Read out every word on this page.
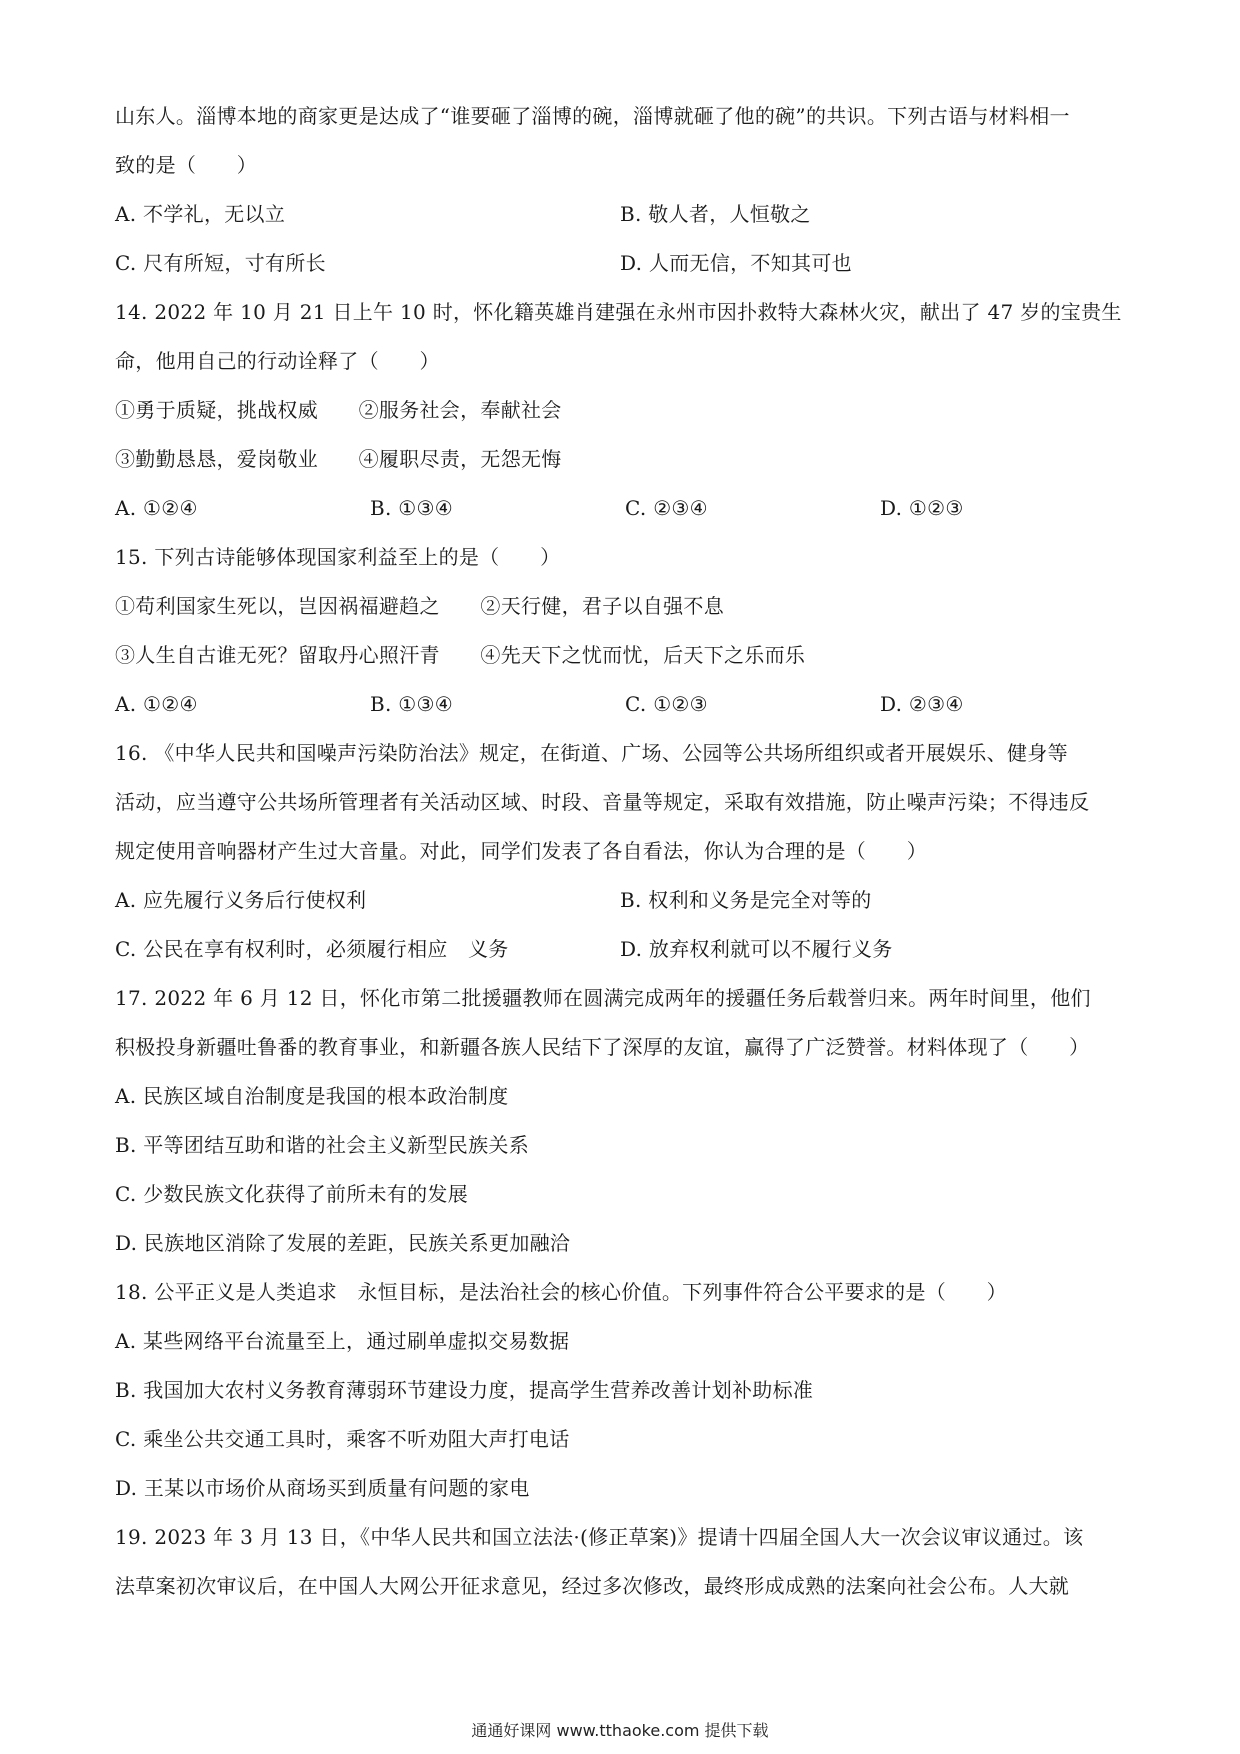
山东人。淄博本地的商家更是达成了“谁要砸了淄博的碗，淄博就砸了他的碗”的共识。下列古语与材料相一
致的是（　　）
A. 不学礼，无以立	B. 敬人者，人恒敬之
C. 尺有所短，寸有所长	D. 人而无信，不知其可也
14. 2022 年 10 月 21 日上午 10 时，怀化籍英雄肖建强在永州市因扑救特大森林火灾，献出了 47 岁的宝贵生
命，他用自己的行动诠释了（　　）
①勇于质疑，挑战权威　　②服务社会，奉献社会
③勤勤恳恳，爱岗敬业　　④履职尽责，无怨无悔
A. ①②④	B. ①③④	C. ②③④	D. ①②③
15. 下列古诗能够体现国家利益至上的是（　　）
①苟利国家生死以，岂因祸福避趋之　　②天行健，君子以自强不息
③人生自古谁无死？留取丹心照汗青　　④先天下之忧而忧，后天下之乐而乐
A. ①②④	B. ①③④	C. ①②③	D. ②③④
16. 《中华人民共和国噪声污染防治法》规定，在街道、广场、公园等公共场所组织或者开展娱乐、健身等
活动，应当遵守公共场所管理者有关活动区域、时段、音量等规定，采取有效措施，防止噪声污染；不得违反
规定使用音响器材产生过大音量。对此，同学们发表了各自看法，你认为合理的是（　　）
A. 应先履行义务后行使权利	B. 权利和义务是完全对等的
C. 公民在享有权利时，必须履行相应　义务	D. 放弃权利就可以不履行义务
17. 2022 年 6 月 12 日，怀化市第二批援疆教师在圆满完成两年的援疆任务后载誉归来。两年时间里，他们
积极投身新疆吐鲁番的教育事业，和新疆各族人民结下了深厚的友谊，赢得了广泛赞誉。材料体现了（　　）
A. 民族区域自治制度是我国的根本政治制度
B. 平等团结互助和谐的社会主义新型民族关系
C. 少数民族文化获得了前所未有的发展
D. 民族地区消除了发展的差距，民族关系更加融洽
18. 公平正义是人类追求　永恒目标，是法治社会的核心价值。下列事件符合公平要求的是（　　）
A. 某些网络平台流量至上，通过刷单虚拟交易数据
B. 我国加大农村义务教育薄弱环节建设力度，提高学生营养改善计划补助标准
C. 乘坐公共交通工具时，乘客不听劝阻大声打电话
D. 王某以市场价从商场买到质量有问题的家电
19. 2023 年 3 月 13 日，《中华人民共和国立法法·(修正草案)》提请十四届全国人大一次会议审议通过。该
法草案初次审议后，在中国人大网公开征求意见，经过多次修改，最终形成成熟的法案向社会公布。人大就
通通好课网 www.tthaoke.com 提供下载
